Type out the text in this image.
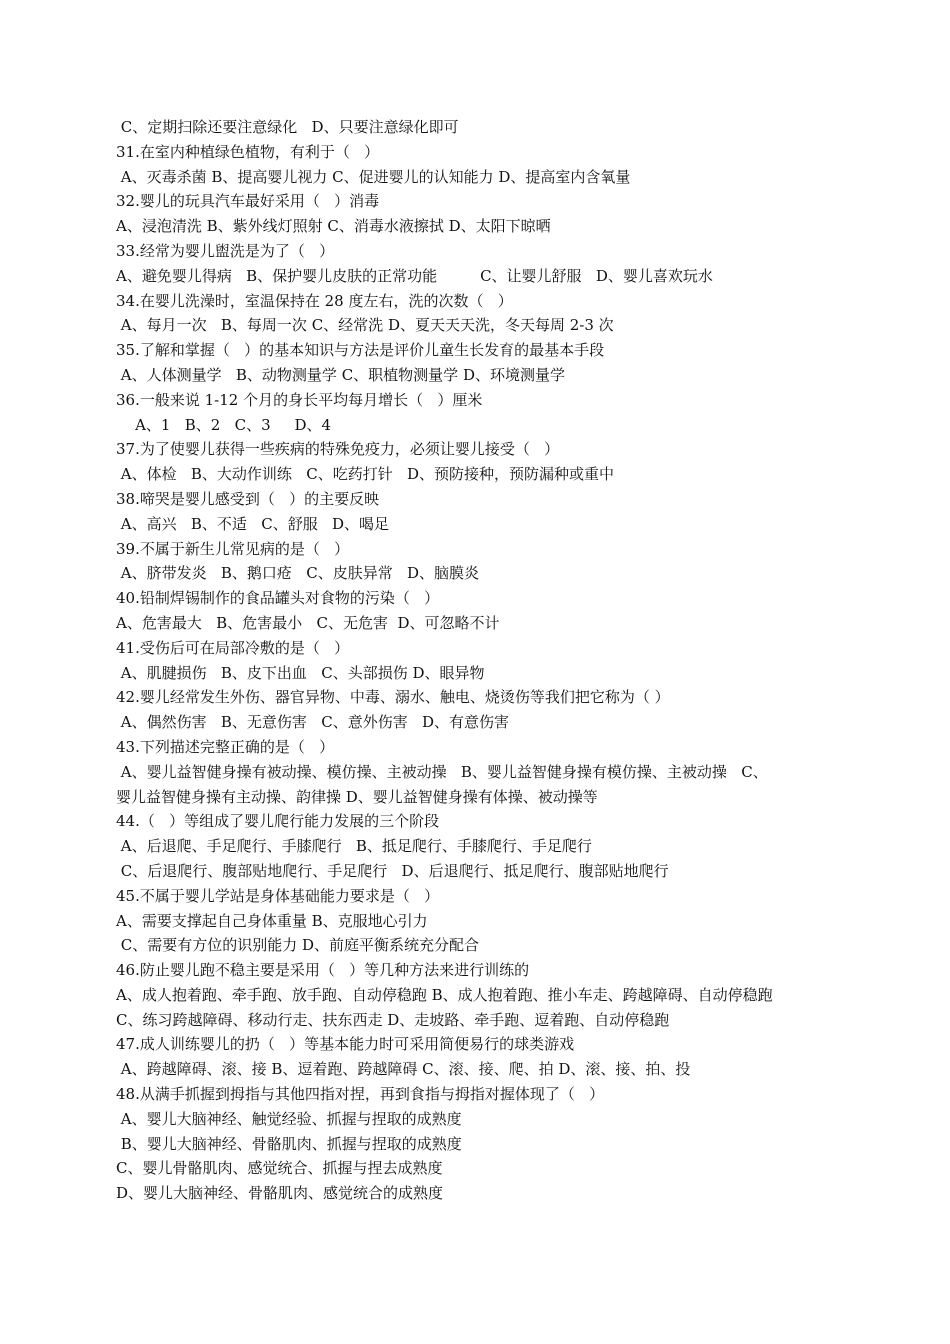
C、定期扫除还要注意绿化   D、只要注意绿化即可
31.在室内种植绿色植物，有利于（   ）
A、灭毒杀菌 B、提高婴儿视力 C、促进婴儿的认知能力 D、提高室内含氧量
32.婴儿的玩具汽车最好采用（   ）消毒
A、浸泡清洗 B、紫外线灯照射 C、消毒水液擦拭 D、太阳下晾晒
33.经常为婴儿盥洗是为了（   ）
A、避免婴儿得病   B、保护婴儿皮肤的正常功能         C、让婴儿舒服   D、婴儿喜欢玩水
34.在婴儿洗澡时，室温保持在 28 度左右，洗的次数（   ）
A、每月一次   B、每周一次 C、经常洗 D、夏天天天洗，冬天每周 2-3 次
35.了解和掌握（   ）的基本知识与方法是评价儿童生长发育的最基本手段
A、人体测量学   B、动物测量学 C、职植物测量学 D、环境测量学
36.一般来说 1-12 个月的身长平均每月增长（   ）厘米
A、1   B、2   C、3     D、4
37.为了使婴儿获得一些疾病的特殊免疫力，必须让婴儿接受（   ）
A、体检   B、大动作训练   C、吃药打针   D、预防接种，预防漏种或重中
38.啼哭是婴儿感受到（   ）的主要反映
A、高兴   B、不适   C、舒服   D、喝足
39.不属于新生儿常见病的是（   ）
A、脐带发炎   B、鹅口疮   C、皮肤异常   D、脑膜炎
40.铅制焊锡制作的食品罐头对食物的污染（   ）
A、危害最大   B、危害最小   C、无危害  D、可忽略不计
41.受伤后可在局部冷敷的是（   ）
A、肌腱损伤   B、皮下出血   C、头部损伤 D、眼异物
42.婴儿经常发生外伤、器官异物、中毒、溺水、触电、烧烫伤等我们把它称为（ ）
A、偶然伤害   B、无意伤害   C、意外伤害   D、有意伤害
43.下列描述完整正确的是（   ）
A、婴儿益智健身操有被动操、模仿操、主被动操   B、婴儿益智健身操有模仿操、主被动操   C、
婴儿益智健身操有主动操、韵律操 D、婴儿益智健身操有体操、被动操等
44.（   ）等组成了婴儿爬行能力发展的三个阶段
A、后退爬、手足爬行、手膝爬行   B、抵足爬行、手膝爬行、手足爬行
C、后退爬行、腹部贴地爬行、手足爬行   D、后退爬行、抵足爬行、腹部贴地爬行
45.不属于婴儿学站是身体基础能力要求是（   ）
A、需要支撑起自己身体重量 B、克服地心引力
C、需要有方位的识别能力 D、前庭平衡系统充分配合
46.防止婴儿跑不稳主要是采用（   ）等几种方法来进行训练的
A、成人抱着跑、牵手跑、放手跑、自动停稳跑 B、成人抱着跑、推小车走、跨越障碍、自动停稳跑
C、练习跨越障碍、移动行走、扶东西走 D、走坡路、牵手跑、逗着跑、自动停稳跑
47.成人训练婴儿的扔（   ）等基本能力时可采用简便易行的球类游戏
A、跨越障碍、滚、接 B、逗着跑、跨越障碍 C、滚、接、爬、拍 D、滚、接、拍、投
48.从满手抓握到拇指与其他四指对捏，再到食指与拇指对握体现了（   ）
A、婴儿大脑神经、触觉经验、抓握与捏取的成熟度
B、婴儿大脑神经、骨骼肌肉、抓握与捏取的成熟度
C、婴儿骨骼肌肉、感觉统合、抓握与捏去成熟度
D、婴儿大脑神经、骨骼肌肉、感觉统合的成熟度
